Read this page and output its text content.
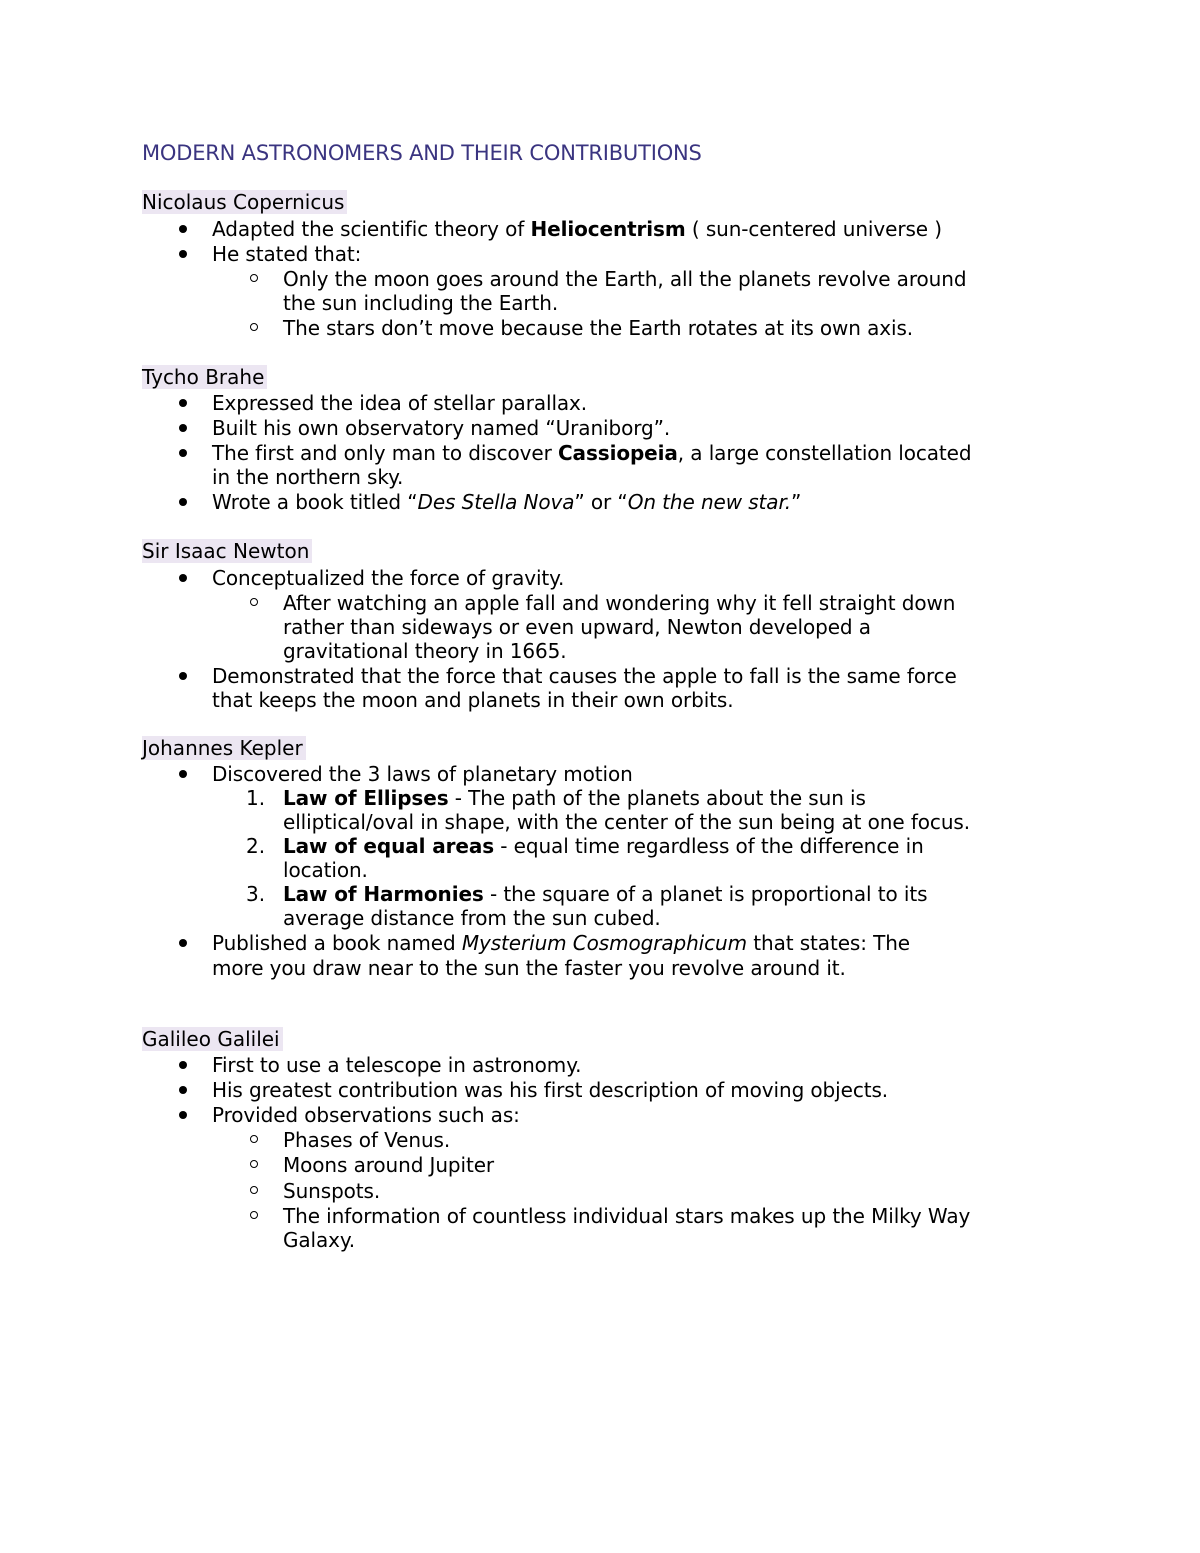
MODERN ASTRONOMERS AND THEIR CONTRIBUTIONS
Nicolaus Copernicus

Adapted the scientific theory of Heliocentrism ( sun-centered universe )

He stated that:

Only the moon goes around the Earth, all the planets revolve around

the sun including the Earth.

The stars don’t move because the Earth rotates at its own axis.

Tycho Brahe

Expressed the idea of stellar parallax.

Built his own observatory named “Uraniborg”.

The first and only man to discover Cassiopeia, a large constellation located

in the northern sky.

Wrote a book titled “Des Stella Nova” or “On the new star.”

Sir Isaac Newton

Conceptualized the force of gravity.

After watching an apple fall and wondering why it fell straight down

rather than sideways or even upward, Newton developed a

gravitational theory in 1665.

Demonstrated that the force that causes the apple to fall is the same force

that keeps the moon and planets in their own orbits.

Johannes Kepler

Discovered the 3 laws of planetary motion

1. Law of Ellipses - The path of the planets about the sun is

elliptical/oval in shape, with the center of the sun being at one focus.

2. Law of equal areas - equal time regardless of the difference in

location.

3. Law of Harmonies - the square of a planet is proportional to its

average distance from the sun cubed.

Published a book named Mysterium Cosmographicum that states: The

more you draw near to the sun the faster you revolve around it.

Galileo Galilei

First to use a telescope in astronomy.

His greatest contribution was his first description of moving objects.

Provided observations such as:

Phases of Venus.

Moons around Jupiter

Sunspots.

The information of countless individual stars makes up the Milky Way

Galaxy.
